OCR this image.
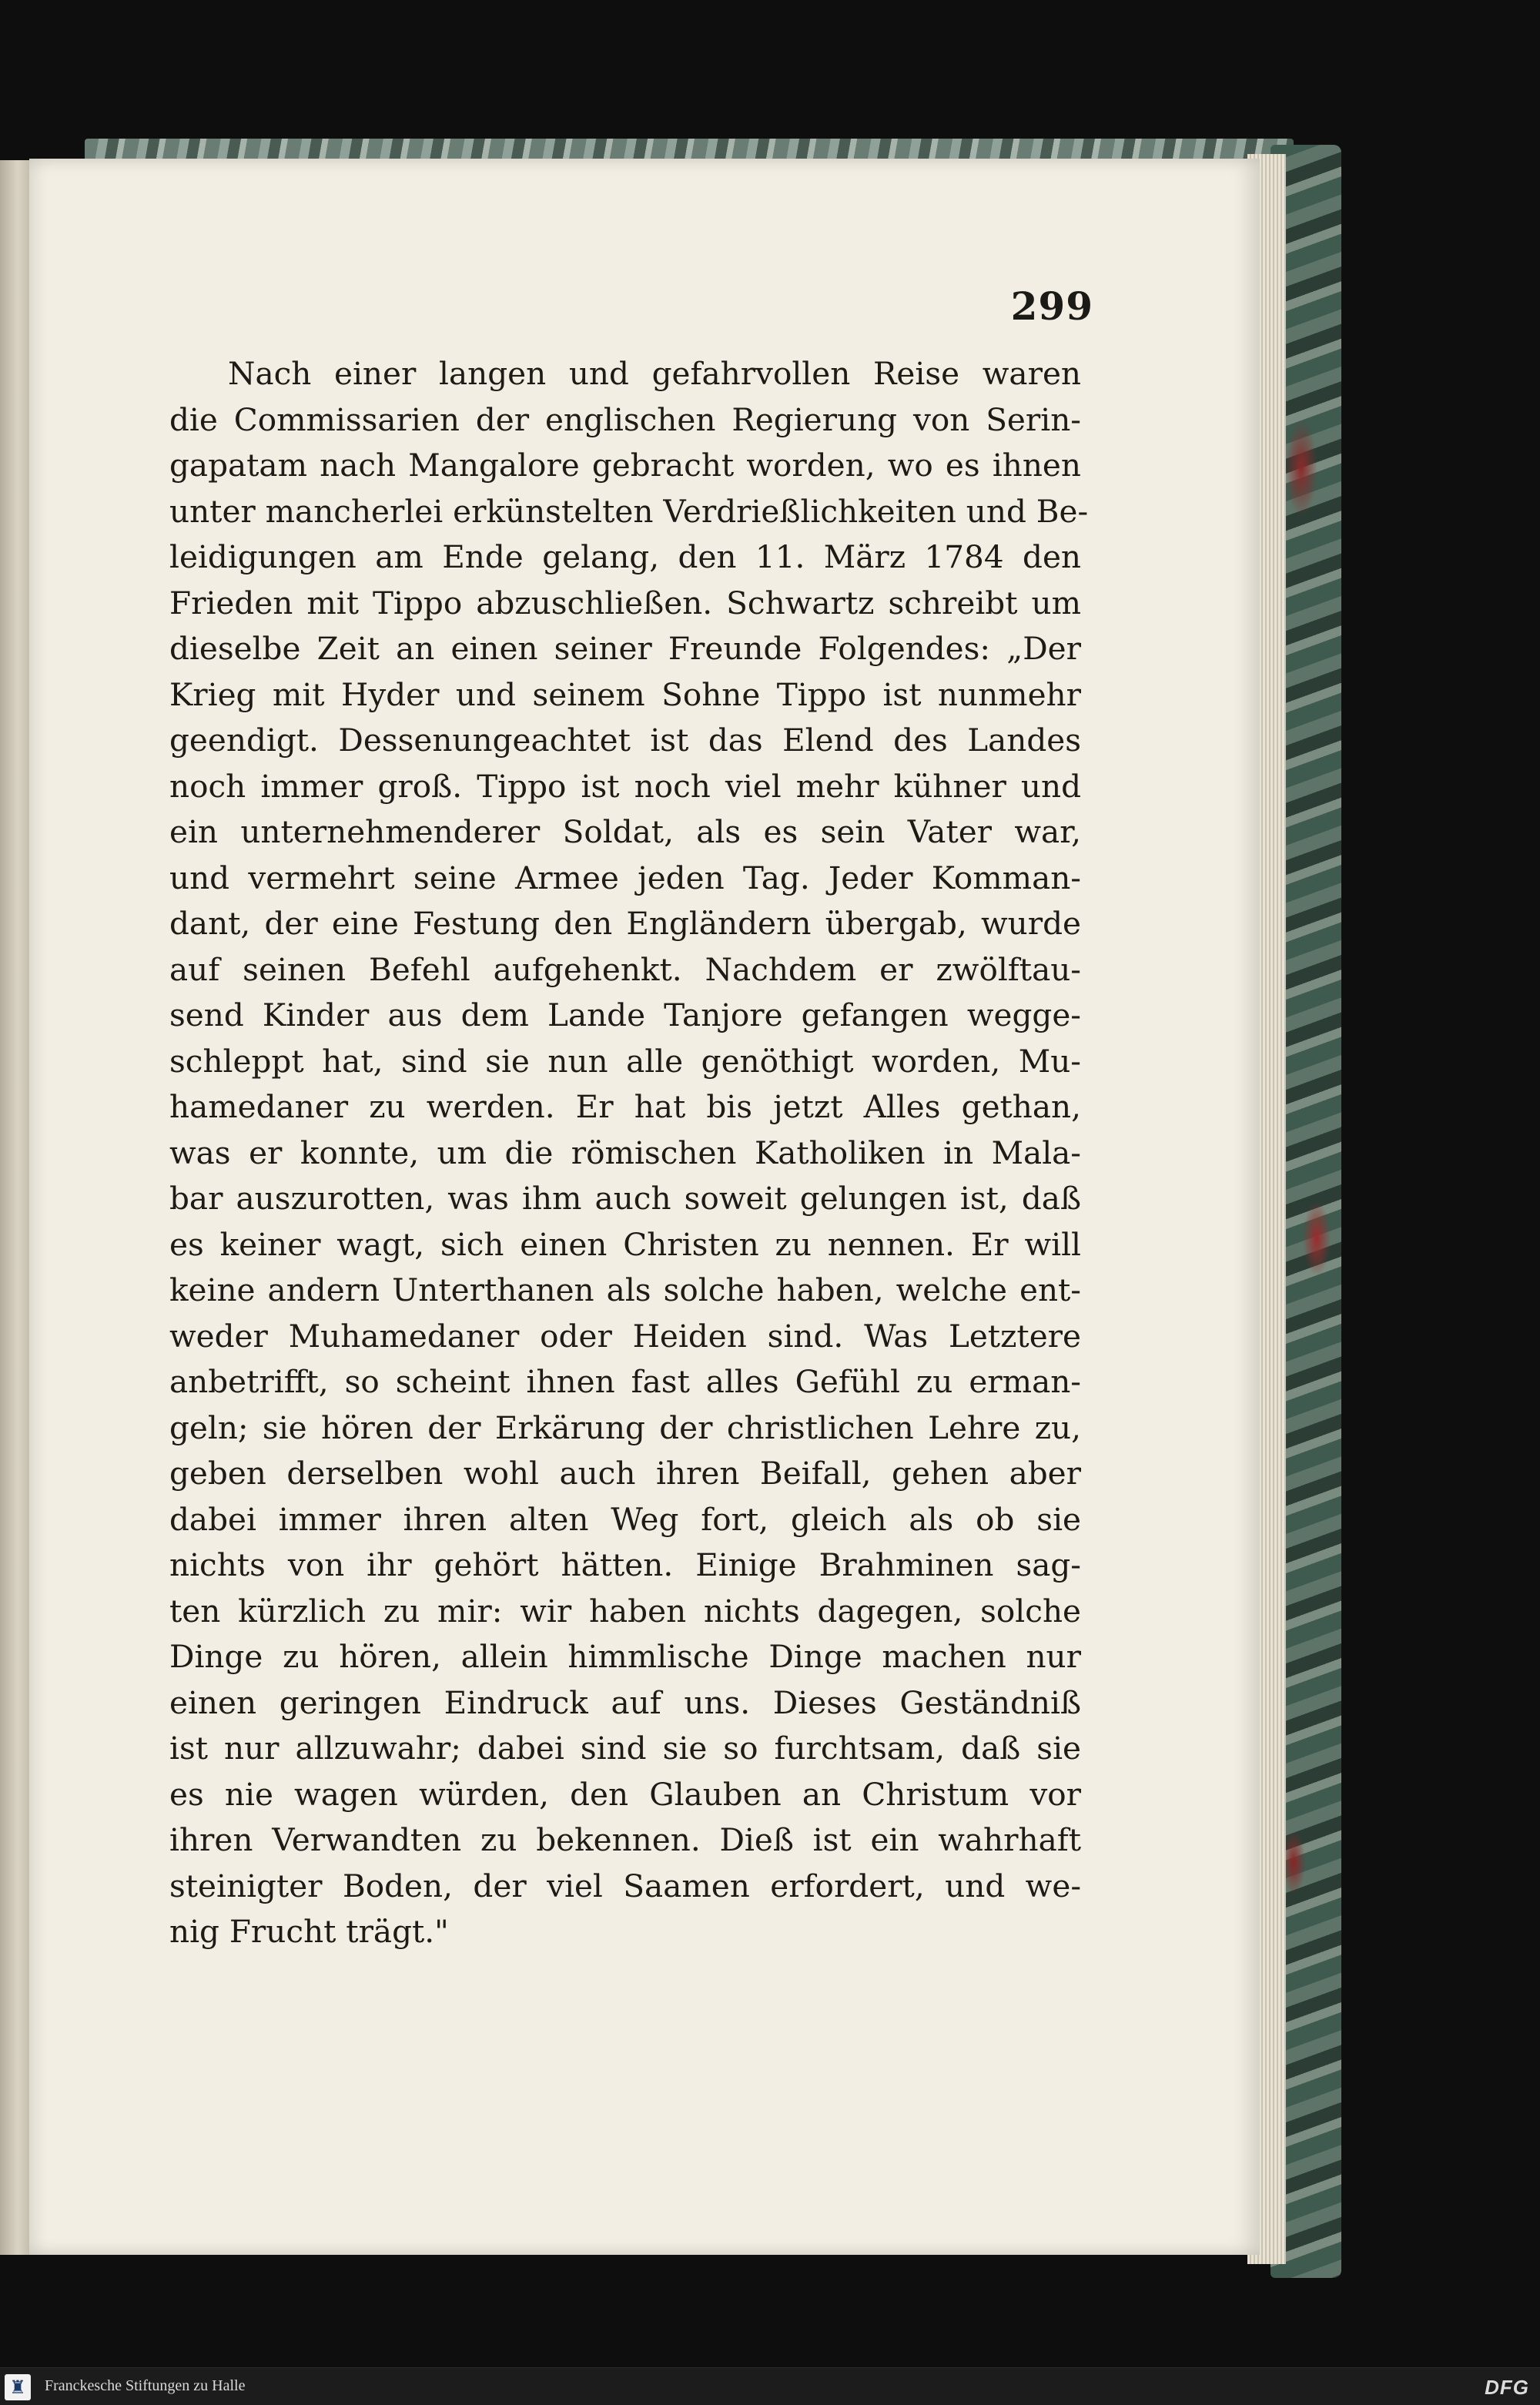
299
Nach einer langen und gefahrvollen Reise waren
die Commissarien der englischen Regierung von Serin-
gapatam nach Mangalore gebracht worden, wo es ihnen
unter mancherlei erkünstelten Verdrießlichkeiten und Be-
leidigungen am Ende gelang, den 11. März 1784 den
Frieden mit Tippo abzuschließen. Schwartz schreibt um
dieselbe Zeit an einen seiner Freunde Folgendes: „Der
Krieg mit Hyder und seinem Sohne Tippo ist nunmehr
geendigt. Dessenungeachtet ist das Elend des Landes
noch immer groß. Tippo ist noch viel mehr kühner und
ein unternehmenderer Soldat, als es sein Vater war,
und vermehrt seine Armee jeden Tag. Jeder Komman-
dant, der eine Festung den Engländern übergab, wurde
auf seinen Befehl aufgehenkt. Nachdem er zwölftau-
send Kinder aus dem Lande Tanjore gefangen wegge-
schleppt hat, sind sie nun alle genöthigt worden, Mu-
hamedaner zu werden. Er hat bis jetzt Alles gethan,
was er konnte, um die römischen Katholiken in Mala-
bar auszurotten, was ihm auch soweit gelungen ist, daß
es keiner wagt, sich einen Christen zu nennen. Er will
keine andern Unterthanen als solche haben, welche ent-
weder Muhamedaner oder Heiden sind. Was Letztere
anbetrifft, so scheint ihnen fast alles Gefühl zu erman-
geln; sie hören der Erkärung der christlichen Lehre zu,
geben derselben wohl auch ihren Beifall, gehen aber
dabei immer ihren alten Weg fort, gleich als ob sie
nichts von ihr gehört hätten. Einige Brahminen sag-
ten kürzlich zu mir: wir haben nichts dagegen, solche
Dinge zu hören, allein himmlische Dinge machen nur
einen geringen Eindruck auf uns. Dieses Geständniß
ist nur allzuwahr; dabei sind sie so furchtsam, daß sie
es nie wagen würden, den Glauben an Christum vor
ihren Verwandten zu bekennen. Dieß ist ein wahrhaft
steinigter Boden, der viel Saamen erfordert, und we-
nig Frucht trägt."
♜	Franckesche Stiftungen zu Halle	DFG
